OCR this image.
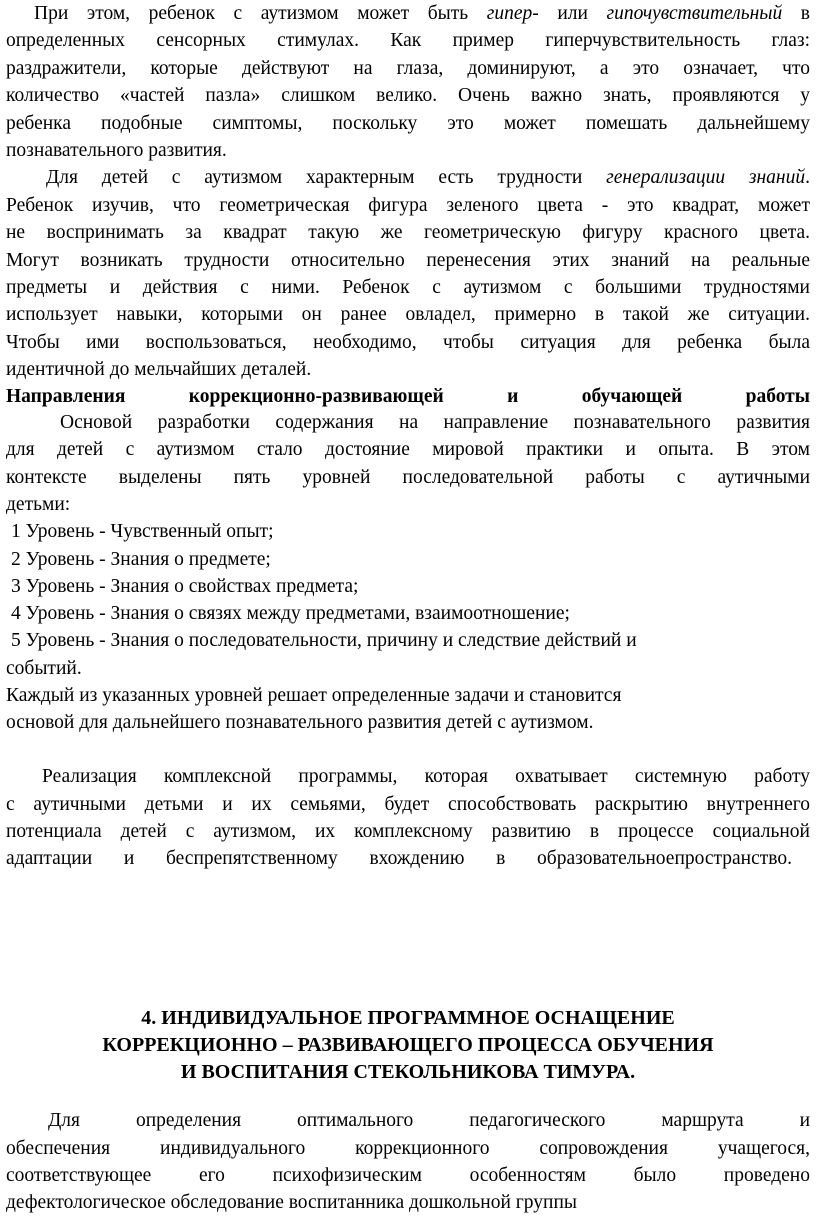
При этом, ребенок с аутизмом может быть гипер- или гипочувствительный в
определенных сенсорных стимулах. Как пример гиперчувствительность глаз:
раздражители, которые действуют на глаза, доминируют, а это означает, что
количество «частей пазла» слишком велико. Очень важно знать, проявляются у
ребенка подобные симптомы, поскольку это может помешать дальнейшему
познавательного развития.
Для детей с аутизмом характерным есть трудности генерализации знаний.
Ребенок изучив, что геометрическая фигура зеленого цвета - это квадрат, может
не воспринимать за квадрат такую же геометрическую фигуру красного цвета.
Могут возникать трудности относительно перенесения этих знаний на реальные
предметы и действия с ними. Ребенок с аутизмом с большими трудностями
использует навыки, которыми он ранее овладел, примерно в такой же ситуации.
Чтобы ими воспользоваться, необходимо, чтобы ситуация для ребенка была
идентичной до мельчайших деталей.
Направления коррекционно-развивающей и обучающей работы
Основой разработки содержания на направление познавательного развития
для детей с аутизмом стало достояние мировой практики и опыта. В этом
контексте выделены пять уровней последовательной работы с аутичными
детьми:
1 Уровень - Чувственный опыт;
2 Уровень - Знания о предмете;
3 Уровень - Знания о свойствах предмета;
4 Уровень - Знания о связях между предметами, взаимоотношение;
5 Уровень - Знания о последовательности, причину и следствие действий и
событий.
Каждый из указанных уровней решает определенные задачи и становится
основой для дальнейшего познавательного развития детей с аутизмом.
Реализация комплексной программы, которая охватывает системную работу
с аутичными детьми и их семьями, будет способствовать раскрытию внутреннего
потенциала детей с аутизмом, их комплексному развитию в процессе социальной
адаптации и беспрепятственному вхождению в образовательноепространство.
4. ИНДИВИДУАЛЬНОЕ ПРОГРАММНОЕ ОСНАЩЕНИЕ
КОРРЕКЦИОННО – РАЗВИВАЮЩЕГО ПРОЦЕССА ОБУЧЕНИЯ
И ВОСПИТАНИЯ СТЕКОЛЬНИКОВА ТИМУРА.
Для определения оптимального педагогического маршрута и
обеспечения индивидуального коррекционного сопровождения учащегося,
соответствующее его психофизическим особенностям было проведено
дефектологическое обследование воспитанника дошкольной группы
